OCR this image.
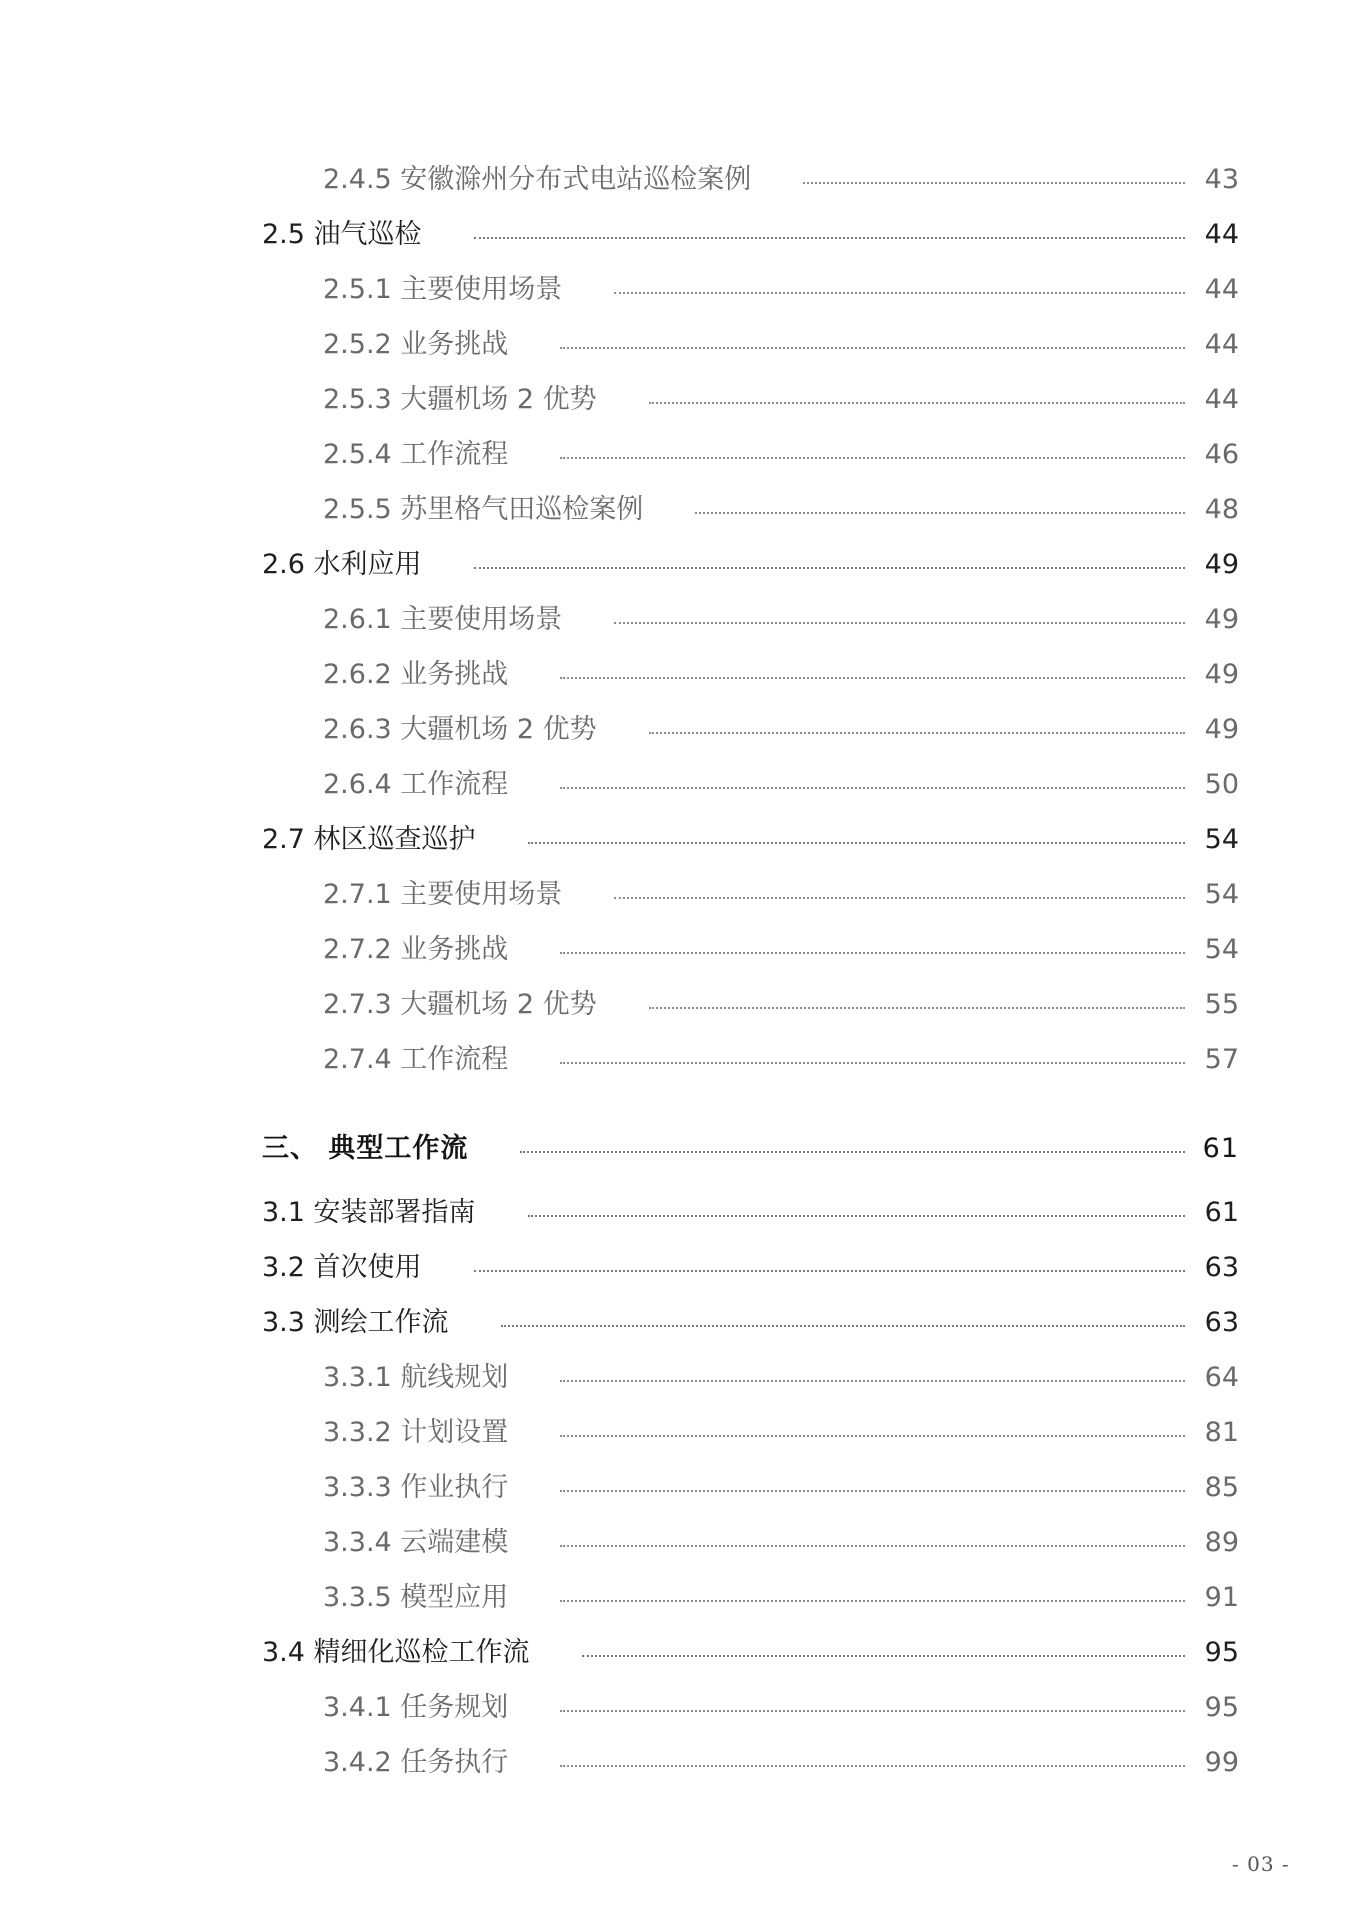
2.4.5 安徽滁州分布式电站巡检案例	43
2.5 油气巡检	44
2.5.1 主要使用场景	44
2.5.2 业务挑战	44
2.5.3 大疆机场 2 优势	44
2.5.4 工作流程	46
2.5.5 苏里格气田巡检案例	48
2.6 水利应用	49
2.6.1 主要使用场景	49
2.6.2 业务挑战	49
2.6.3 大疆机场 2 优势	49
2.6.4 工作流程	50
2.7 林区巡查巡护	54
2.7.1 主要使用场景	54
2.7.2 业务挑战	54
2.7.3 大疆机场 2 优势	55
2.7.4 工作流程	57
三、 典型工作流	61
3.1 安装部署指南	61
3.2 首次使用	63
3.3 测绘工作流	63
3.3.1 航线规划	64
3.3.2 计划设置	81
3.3.3 作业执行	85
3.3.4 云端建模	89
3.3.5 模型应用	91
3.4 精细化巡检工作流	95
3.4.1 任务规划	95
3.4.2 任务执行	99
- 03 -
